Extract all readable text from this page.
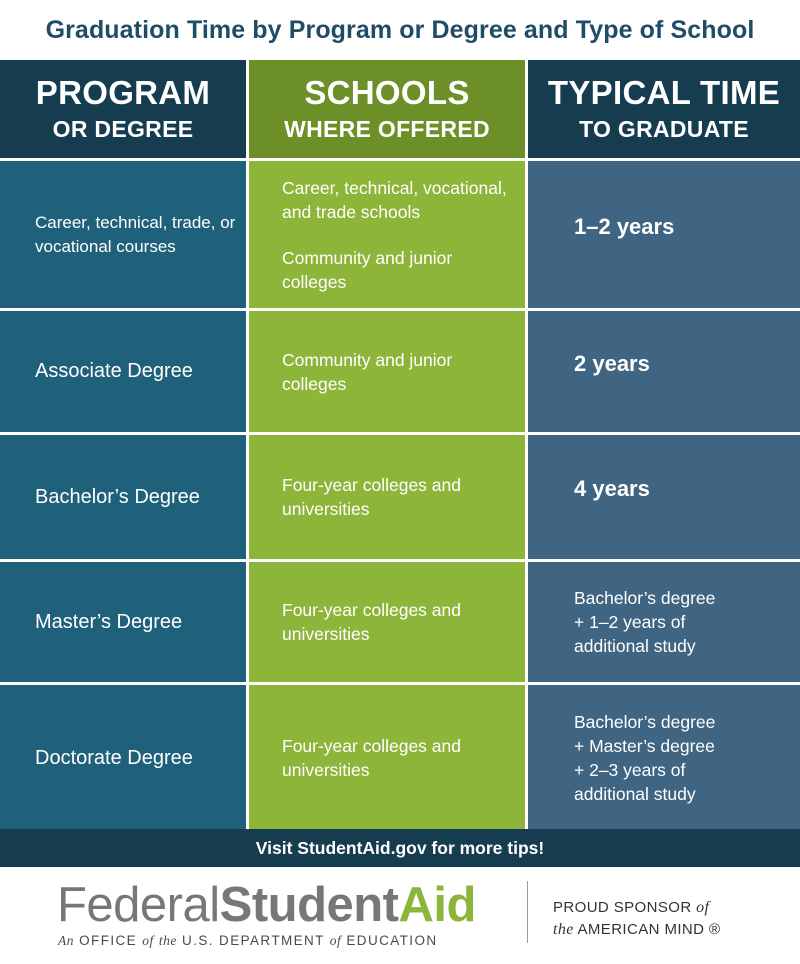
Graduation Time by Program or Degree and Type of School
PROGRAM
OR DEGREE
SCHOOLS
WHERE OFFERED
TYPICAL TIME
TO GRADUATE
Career, technical, trade, or vocational courses
Career, technical, vocational, and trade schools
Community and junior colleges
1–2 years
Associate Degree
Community and junior colleges
2 years
Bachelor’s Degree
Four-year colleges and universities
4 years
Master’s Degree
Four-year colleges and universities
Bachelor’s degree
+ 1–2 years of
additional study
Doctorate Degree
Four-year colleges and universities
Bachelor’s degree
+ Master’s degree
+ 2–3 years of
additional study
Visit StudentAid.gov for more tips!
FederalStudentAid
An OFFICE of the U.S. DEPARTMENT of EDUCATION
PROUD SPONSOR of
the AMERICAN MIND ®
